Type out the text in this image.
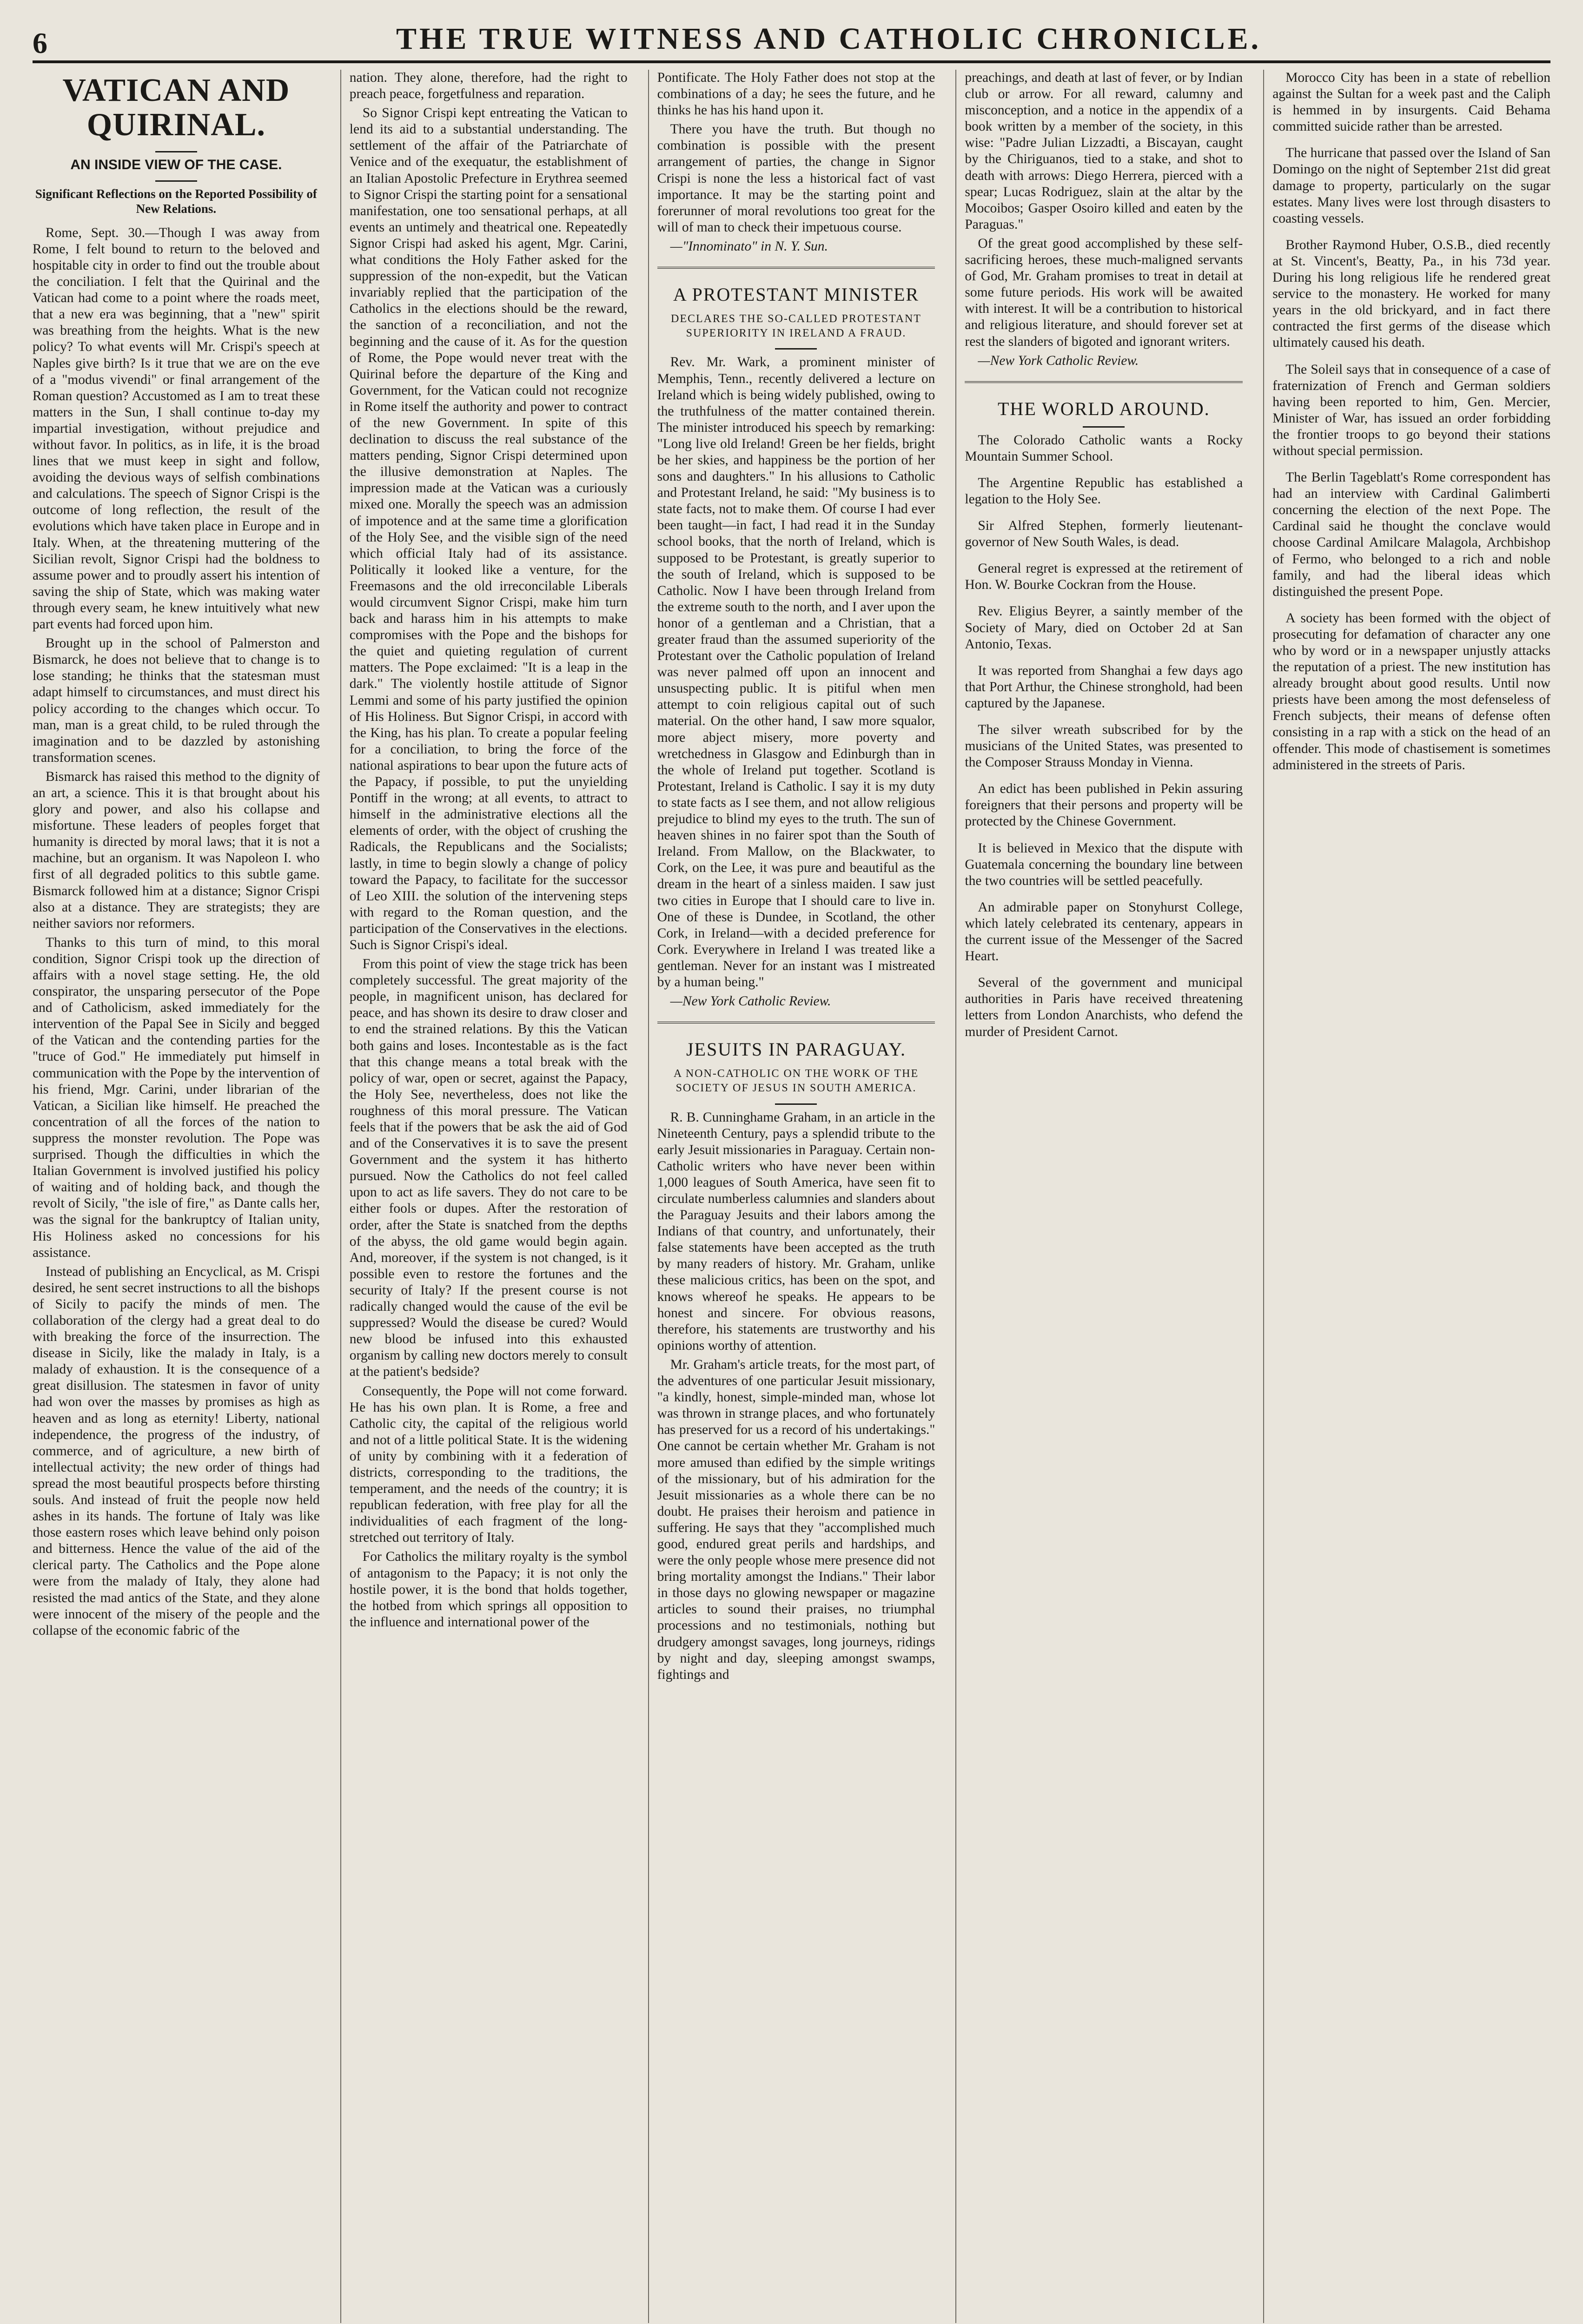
6	THE TRUE WITNESS AND CATHOLIC CHRONICLE.
VATICAN AND QUIRINAL.
AN INSIDE VIEW OF THE CASE.
Significant Reflections on the Reported Possibility of New Relations.

Rome, Sept. 30.—Though I was away from Rome, I felt bound to return to the beloved and hospitable city in order to find out the trouble about the conciliation. I felt that the Quirinal and the Vatican had come to a point where the roads meet, that a new era was beginning, that a "new" spirit was breathing from the heights. What is the new policy? To what events will Mr. Crispi's speech at Naples give birth? Is it true that we are on the eve of a "modus vivendi" or final arrangement of the Roman question? Accustomed as I am to treat these matters in the Sun, I shall continue to-day my impartial investigation, without prejudice and without favor. In politics, as in life, it is the broad lines that we must keep in sight and follow, avoiding the devious ways of selfish combinations and calculations. The speech of Signor Crispi is the outcome of long reflection, the result of the evolutions which have taken place in Europe and in Italy. When, at the threatening muttering of the Sicilian revolt, Signor Crispi had the boldness to assume power and to proudly assert his intention of saving the ship of State, which was making water through every seam, he knew intuitively what new part events had forced upon him.

Brought up in the school of Palmerston and Bismarck, he does not believe that to change is to lose standing; he thinks that the statesman must adapt himself to circumstances, and must direct his policy according to the changes which occur. To man, man is a great child, to be ruled through the imagination and to be dazzled by astonishing transformation scenes.

Bismarck has raised this method to the dignity of an art, a science. This it is that brought about his glory and power, and also his collapse and misfortune. These leaders of peoples forget that humanity is directed by moral laws; that it is not a machine, but an organism. It was Napoleon I. who first of all degraded politics to this subtle game. Bismarck followed him at a distance; Signor Crispi also at a distance. They are strategists; they are neither saviors nor reformers.

Thanks to this turn of mind, to this moral condition, Signor Crispi took up the direction of affairs with a novel stage setting. He, the old conspirator, the unsparing persecutor of the Pope and of Catholicism, asked immediately for the intervention of the Papal See in Sicily and begged of the Vatican and the contending parties for the "truce of God." He immediately put himself in communication with the Pope by the intervention of his friend, Mgr. Carini, under librarian of the Vatican, a Sicilian like himself. He preached the concentration of all the forces of the nation to suppress the monster revolution. The Pope was surprised. Though the difficulties in which the Italian Government is involved justified his policy of waiting and of holding back, and though the revolt of Sicily, "the isle of fire," as Dante calls her, was the signal for the bankruptcy of Italian unity, His Holiness asked no concessions for his assistance.

Instead of publishing an Encyclical, as M. Crispi desired, he sent secret instructions to all the bishops of Sicily to pacify the minds of men. The collaboration of the clergy had a great deal to do with breaking the force of the insurrection. The disease in Sicily, like the malady in Italy, is a malady of exhaustion. It is the consequence of a great disillusion. The statesmen in favor of unity had won over the masses by promises as high as heaven and as long as eternity! Liberty, national independence, the progress of the industry, of commerce, and of agriculture, a new birth of intellectual activity; the new order of things had spread the most beautiful prospects before thirsting souls. And instead of fruit the people now held ashes in its hands. The fortune of Italy was like those eastern roses which leave behind only poison and bitterness. Hence the value of the aid of the clerical party. The Catholics and the Pope alone were from the malady of Italy, they alone had resisted the mad antics of the State, and they alone were innocent of the misery of the people and the collapse of the economic fabric of the

nation. They alone, therefore, had the right to preach peace, forgetfulness and reparation.

So Signor Crispi kept entreating the Vatican to lend its aid to a substantial understanding. The settlement of the affair of the Patriarchate of Venice and of the exequatur, the establishment of an Italian Apostolic Prefecture in Erythrea seemed to Signor Crispi the starting point for a sensational manifestation, one too sensational perhaps, at all events an untimely and theatrical one. Repeatedly Signor Crispi had asked his agent, Mgr. Carini, what conditions the Holy Father asked for the suppression of the non-expedit, but the Vatican invariably replied that the participation of the Catholics in the elections should be the reward, the sanction of a reconciliation, and not the beginning and the cause of it. As for the question of Rome, the Pope would never treat with the Quirinal before the departure of the King and Government, for the Vatican could not recognize in Rome itself the authority and power to contract of the new Government. In spite of this declination to discuss the real substance of the matters pending, Signor Crispi determined upon the illusive demonstration at Naples. The impression made at the Vatican was a curiously mixed one. Morally the speech was an admission of impotence and at the same time a glorification of the Holy See, and the visible sign of the need which official Italy had of its assistance. Politically it looked like a venture, for the Freemasons and the old irreconcilable Liberals would circumvent Signor Crispi, make him turn back and harass him in his attempts to make compromises with the Pope and the bishops for the quiet and quieting regulation of current matters. The Pope exclaimed: "It is a leap in the dark." The violently hostile attitude of Signor Lemmi and some of his party justified the opinion of His Holiness. But Signor Crispi, in accord with the King, has his plan. To create a popular feeling for a conciliation, to bring the force of the national aspirations to bear upon the future acts of the Papacy, if possible, to put the unyielding Pontiff in the wrong; at all events, to attract to himself in the administrative elections all the elements of order, with the object of crushing the Radicals, the Republicans and the Socialists; lastly, in time to begin slowly a change of policy toward the Papacy, to facilitate for the successor of Leo XIII. the solution of the intervening steps with regard to the Roman question, and the participation of the Conservatives in the elections. Such is Signor Crispi's ideal.

From this point of view the stage trick has been completely successful. The great majority of the people, in magnificent unison, has declared for peace, and has shown its desire to draw closer and to end the strained relations. By this the Vatican both gains and loses. Incontestable as is the fact that this change means a total break with the policy of war, open or secret, against the Papacy, the Holy See, nevertheless, does not like the roughness of this moral pressure. The Vatican feels that if the powers that be ask the aid of God and of the Conservatives it is to save the present Government and the system it has hitherto pursued. Now the Catholics do not feel called upon to act as life savers. They do not care to be either fools or dupes. After the restoration of order, after the State is snatched from the depths of the abyss, the old game would begin again. And, moreover, if the system is not changed, is it possible even to restore the fortunes and the security of Italy? If the present course is not radically changed would the cause of the evil be suppressed? Would the disease be cured? Would new blood be infused into this exhausted organism by calling new doctors merely to consult at the patient's bedside?

Consequently, the Pope will not come forward. He has his own plan. It is Rome, a free and Catholic city, the capital of the religious world and not of a little political State. It is the widening of unity by combining with it a federation of districts, corresponding to the traditions, the temperament, and the needs of the country; it is republican federation, with free play for all the individualities of each fragment of the long-stretched out territory of Italy.

For Catholics the military royalty is the symbol of antagonism to the Papacy; it is not only the hostile power, it is the bond that holds together, the hotbed from which springs all opposition to the influence and international power of the

Pontificate. The Holy Father does not stop at the combinations of a day; he sees the future, and he thinks he has his hand upon it.

There you have the truth. But though no combination is possible with the present arrangement of parties, the change in Signor Crispi is none the less a historical fact of vast importance. It may be the starting point and forerunner of moral revolutions too great for the will of man to check their impetuous course.

—"Innominato" in N. Y. Sun.

A PROTESTANT MINISTER
DECLARES THE SO-CALLED PROTESTANT SUPERIORITY IN IRELAND A FRAUD.

Rev. Mr. Wark, a prominent minister of Memphis, Tenn., recently delivered a lecture on Ireland which is being widely published, owing to the truthfulness of the matter contained therein. The minister introduced his speech by remarking: "Long live old Ireland! Green be her fields, bright be her skies, and happiness be the portion of her sons and daughters." In his allusions to Catholic and Protestant Ireland, he said: "My business is to state facts, not to make them. Of course I had ever been taught—in fact, I had read it in the Sunday school books, that the north of Ireland, which is supposed to be Protestant, is greatly superior to the south of Ireland, which is supposed to be Catholic. Now I have been through Ireland from the extreme south to the north, and I aver upon the honor of a gentleman and a Christian, that a greater fraud than the assumed superiority of the Protestant over the Catholic population of Ireland was never palmed off upon an innocent and unsuspecting public. It is pitiful when men attempt to coin religious capital out of such material. On the other hand, I saw more squalor, more abject misery, more poverty and wretchedness in Glasgow and Edinburgh than in the whole of Ireland put together. Scotland is Protestant, Ireland is Catholic. I say it is my duty to state facts as I see them, and not allow religious prejudice to blind my eyes to the truth. The sun of heaven shines in no fairer spot than the South of Ireland. From Mallow, on the Blackwater, to Cork, on the Lee, it was pure and beautiful as the dream in the heart of a sinless maiden. I saw just two cities in Europe that I should care to live in. One of these is Dundee, in Scotland, the other Cork, in Ireland—with a decided preference for Cork. Everywhere in Ireland I was treated like a gentleman. Never for an instant was I mistreated by a human being."

—New York Catholic Review.

JESUITS IN PARAGUAY.
A NON-CATHOLIC ON THE WORK OF THE SOCIETY OF JESUS IN SOUTH AMERICA.

R. B. Cunninghame Graham, in an article in the Nineteenth Century, pays a splendid tribute to the early Jesuit missionaries in Paraguay. Certain non-Catholic writers who have never been within 1,000 leagues of South America, have seen fit to circulate numberless calumnies and slanders about the Paraguay Jesuits and their labors among the Indians of that country, and unfortunately, their false statements have been accepted as the truth by many readers of history. Mr. Graham, unlike these malicious critics, has been on the spot, and knows whereof he speaks. He appears to be honest and sincere. For obvious reasons, therefore, his statements are trustworthy and his opinions worthy of attention.

Mr. Graham's article treats, for the most part, of the adventures of one particular Jesuit missionary, "a kindly, honest, simple-minded man, whose lot was thrown in strange places, and who fortunately has preserved for us a record of his undertakings." One cannot be certain whether Mr. Graham is not more amused than edified by the simple writings of the missionary, but of his admiration for the Jesuit missionaries as a whole there can be no doubt. He praises their heroism and patience in suffering. He says that they "accomplished much good, endured great perils and hardships, and were the only people whose mere presence did not bring mortality amongst the Indians." Their labor in those days no glowing newspaper or magazine articles to sound their praises, no triumphal processions and no testimonials, nothing but drudgery amongst savages, long journeys, ridings by night and day, sleeping amongst swamps, fightings and

preachings, and death at last of fever, or by Indian club or arrow. For all reward, calumny and misconception, and a notice in the appendix of a book written by a member of the society, in this wise: "Padre Julian Lizzadti, a Biscayan, caught by the Chiriguanos, tied to a stake, and shot to death with arrows: Diego Herrera, pierced with a spear; Lucas Rodriguez, slain at the altar by the Mocoibos; Gasper Osoiro killed and eaten by the Paraguas."

Of the great good accomplished by these self-sacrificing heroes, these much-maligned servants of God, Mr. Graham promises to treat in detail at some future periods. His work will be awaited with interest. It will be a contribution to historical and religious literature, and should forever set at rest the slanders of bigoted and ignorant writers.

—New York Catholic Review.

THE WORLD AROUND.

The Colorado Catholic wants a Rocky Mountain Summer School.

The Argentine Republic has established a legation to the Holy See.

Sir Alfred Stephen, formerly lieutenant-governor of New South Wales, is dead.

General regret is expressed at the retirement of Hon. W. Bourke Cockran from the House.

Rev. Eligius Beyrer, a saintly member of the Society of Mary, died on October 2d at San Antonio, Texas.

It was reported from Shanghai a few days ago that Port Arthur, the Chinese stronghold, had been captured by the Japanese.

The silver wreath subscribed for by the musicians of the United States, was presented to the Composer Strauss Monday in Vienna.

An edict has been published in Pekin assuring foreigners that their persons and property will be protected by the Chinese Government.

It is believed in Mexico that the dispute with Guatemala concerning the boundary line between the two countries will be settled peacefully.

An admirable paper on Stonyhurst College, which lately celebrated its centenary, appears in the current issue of the Messenger of the Sacred Heart.

Several of the government and municipal authorities in Paris have received threatening letters from London Anarchists, who defend the murder of President Carnot.

Morocco City has been in a state of rebellion against the Sultan for a week past and the Caliph is hemmed in by insurgents. Caid Behama committed suicide rather than be arrested.

The hurricane that passed over the Island of San Domingo on the night of September 21st did great damage to property, particularly on the sugar estates. Many lives were lost through disasters to coasting vessels.

Brother Raymond Huber, O.S.B., died recently at St. Vincent's, Beatty, Pa., in his 73d year. During his long religious life he rendered great service to the monastery. He worked for many years in the old brickyard, and in fact there contracted the first germs of the disease which ultimately caused his death.

The Soleil says that in consequence of a case of fraternization of French and German soldiers having been reported to him, Gen. Mercier, Minister of War, has issued an order forbidding the frontier troops to go beyond their stations without special permission.

The Berlin Tageblatt's Rome correspondent has had an interview with Cardinal Galimberti concerning the election of the next Pope. The Cardinal said he thought the conclave would choose Cardinal Amilcare Malagola, Archbishop of Fermo, who belonged to a rich and noble family, and had the liberal ideas which distinguished the present Pope.

A society has been formed with the object of prosecuting for defamation of character any one who by word or in a newspaper unjustly attacks the reputation of a priest. The new institution has already brought about good results. Until now priests have been among the most defenseless of French subjects, their means of defense often consisting in a rap with a stick on the head of an offender. This mode of chastisement is sometimes administered in the streets of Paris.
